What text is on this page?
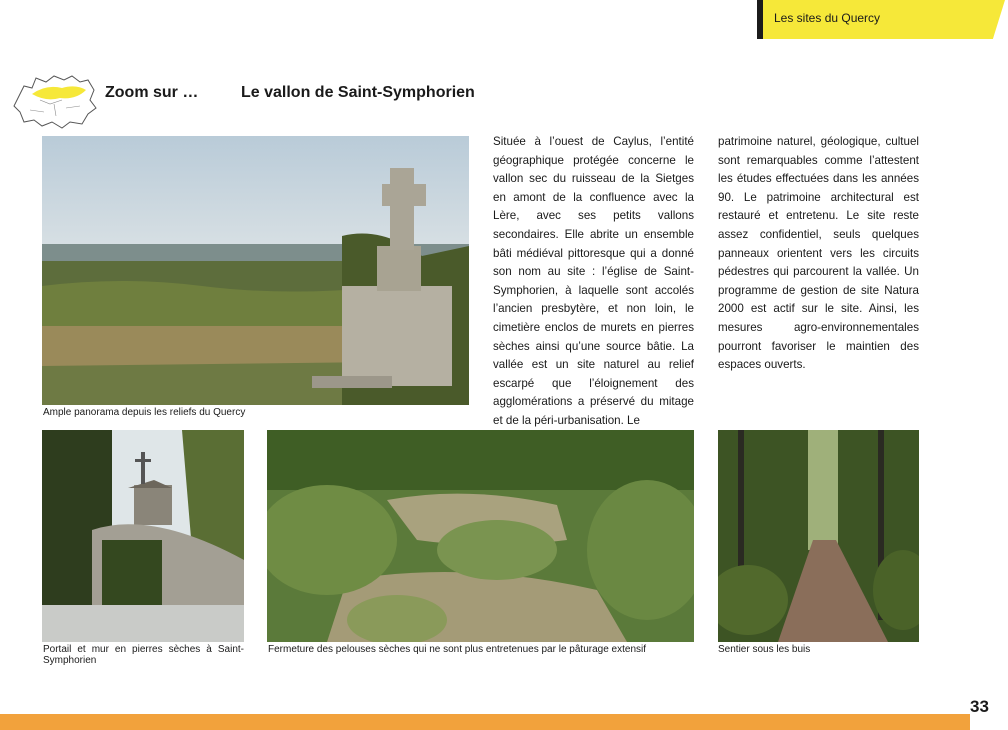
Les sites du Quercy
Zoom sur …	Le vallon de Saint-Symphorien
Ample panorama depuis les reliefs du Quercy
Située à l’ouest de Caylus, l’entité géographique protégée concerne le vallon sec du ruisseau de la Sietges en amont de la confluence avec la Lère, avec ses petits vallons secondaires. Elle abrite un ensemble bâti médiéval pittoresque qui a donné son nom au site : l’église de Saint-Symphorien, à laquelle sont accolés l’ancien presbytère, et non loin, le cimetière enclos de murets en pierres sèches ainsi qu’une source bâtie. La vallée est un site naturel au relief escarpé que l’éloignement des agglomérations a préservé du mitage et de la péri-urbanisation. Le
patrimoine naturel, géologique, cultuel sont remarquables comme l’attestent les études effectuées dans les années 90. Le patrimoine architectural est restauré et entretenu. Le site reste assez confidentiel, seuls quelques panneaux orientent vers les circuits pédestres qui parcourent la vallée. Un programme de gestion de site Natura 2000 est actif sur le site. Ainsi, les mesures agro-environnementales pourront favoriser le maintien des espaces ouverts.
Portail et mur en pierres sèches à Saint-Symphorien
Fermeture des pelouses sèches qui ne sont plus entretenues par le pâturage extensif	Sentier sous les buis
33
